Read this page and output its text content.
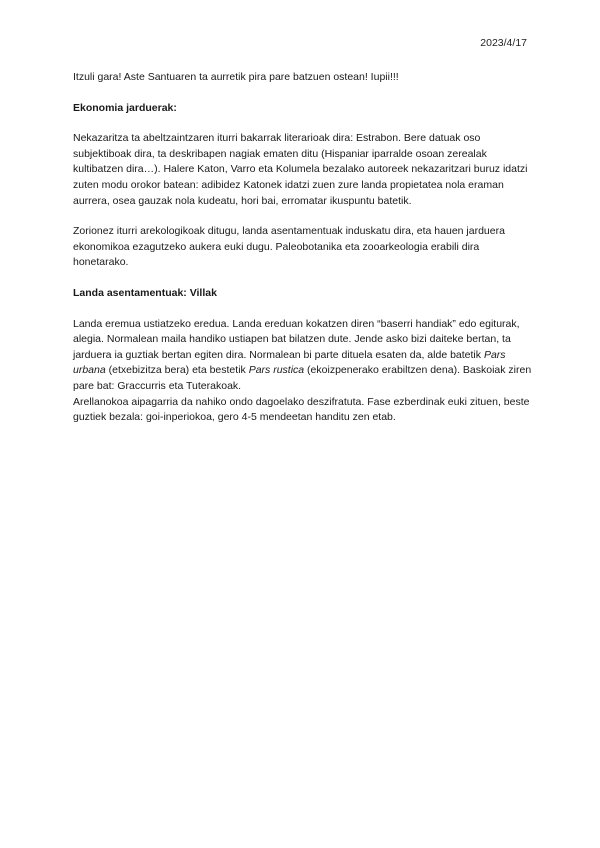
2023/4/17

Itzuli gara! Aste Santuaren ta aurretik pira pare batzuen ostean! Iupii!!!

Ekonomia jarduerak:

Nekazaritza ta abeltzaintzaren iturri bakarrak literarioak dira: Estrabon. Bere datuak oso subjektiboak dira, ta deskribapen nagiak ematen ditu (Hispaniar iparralde osoan zerealak kultibatzen dira…). Halere Katon, Varro eta Kolumela bezalako autoreek nekazaritzari buruz idatzi zuten modu orokor batean: adibidez Katonek idatzi zuen zure landa propietatea nola eraman aurrera, osea gauzak nola kudeatu, hori bai, erromatar ikuspuntu batetik.

Zorionez iturri arekologikoak ditugu, landa asentamentuak induskatu dira, eta hauen jarduera ekonomikoa ezagutzeko aukera euki dugu. Paleobotanika eta zooarkeologia erabili dira honetarako.

Landa asentamentuak: Villak

Landa eremua ustiatzeko eredua. Landa ereduan kokatzen diren “baserri handiak” edo egiturak, alegia. Normalean maila handiko ustiapen bat bilatzen dute. Jende asko bizi daiteke bertan, ta jarduera ia guztiak bertan egiten dira. Normalean bi parte dituela esaten da, alde batetik Pars urbana (etxebizitza bera) eta bestetik Pars rustica (ekoizpenerako erabiltzen dena). Baskoiak ziren pare bat: Graccurris eta Tuterakoak.

Arellanokoa aipagarria da nahiko ondo dagoelako deszifratuta. Fase ezberdinak euki zituen, beste guztiek bezala: goi-inperiokoa, gero 4-5 mendeetan handitu zen etab.
